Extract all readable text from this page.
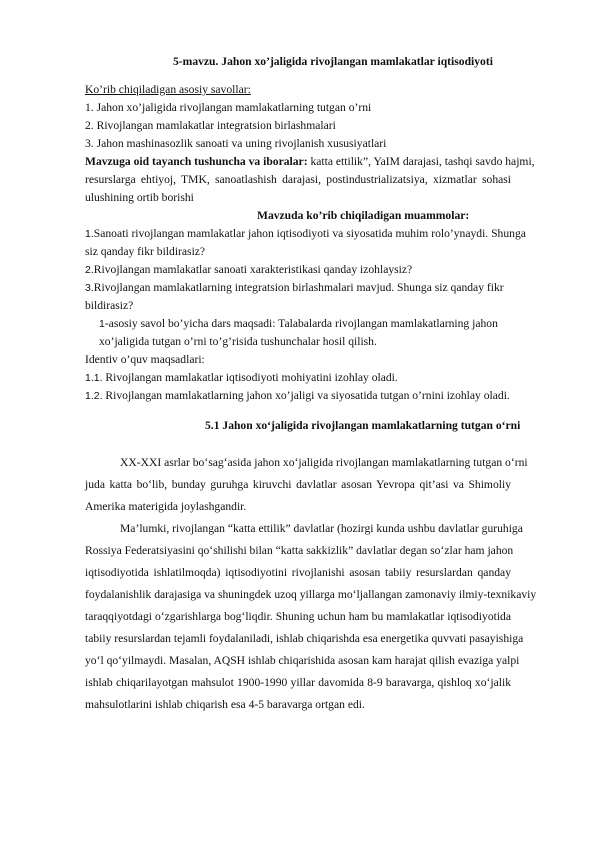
5-mavzu. Jahon xo’jaligida rivojlangan mamlakatlar iqtisodiyoti
Ko’rib chiqiladigan asosiy savollar:
1. Jahon xo’jaligida rivojlangan mamlakatlarning tutgan o’rni
2. Rivojlangan mamlakatlar integratsion birlashmalari
3. Jahon mashinasozlik sanoati va uning rivojlanish xususiyatlari
Mavzuga oid tayanch tushuncha va iboralar: katta ettilik”, YaIM darajasi, tashqi savdo hajmi,
resurslarga ehtiyoj, TMK, sanoatlashish darajasi, postindustrializatsiya, xizmatlar sohasi
ulushining ortib borishi
Mavzuda ko’rib chiqiladigan muammolar:
1.Sanoati rivojlangan mamlakatlar jahon iqtisodiyoti va siyosatida muhim rolo’ynaydi. Shunga
siz qanday fikr bildirasiz?
2.Rivojlangan mamlakatlar sanoati xarakteristikasi qanday izohlaysiz?
3.Rivojlangan mamlakatlarning integratsion birlashmalari mavjud. Shunga siz qanday fikr
bildirasiz?
1-asosiy savol bo’yicha dars maqsadi: Talabalarda rivojlangan mamlakatlarning jahon
xo’jaligida tutgan o’rni to’g’risida tushunchalar hosil qilish.
Identiv o’quv maqsadlari:
1.1. Rivojlangan mamlakatlar iqtisodiyoti mohiyatini izohlay oladi.
1.2. Rivojlangan mamlakatlarning jahon xo’jaligi va siyosatida tutgan o’rnini izohlay oladi.
5.1 Jahon xo‘jaligida rivojlangan mamlakatlarning tutgan o‘rni
XX-XXI asrlar bo‘sag‘asida jahon xo‘jaligida rivojlangan mamlakatlarning tutgan o‘rni
juda katta bo‘lib, bunday guruhga kiruvchi davlatlar asosan Yevropa qit’asi va Shimoliy
Amerika materigida joylashgandir.
Ma’lumki, rivojlangan “katta ettilik” davlatlar (hozirgi kunda ushbu davlatlar guruhiga
Rossiya Federatsiyasini qo‘shilishi bilan “katta sakkizlik” davlatlar degan so‘zlar ham jahon
iqtisodiyotida ishlatilmoqda) iqtisodiyotini rivojlanishi asosan tabiiy resurslardan qanday
foydalanishlik darajasiga va shuningdek uzoq yillarga mo‘ljallangan zamonaviy ilmiy-texnikaviy
taraqqiyotdagi o‘zgarishlarga bog‘liqdir. Shuning uchun ham bu mamlakatlar iqtisodiyotida
tabiiy resurslardan tejamli foydalaniladi, ishlab chiqarishda esa energetika quvvati pasayishiga
yo‘l qo‘yilmaydi. Masalan, AQSH ishlab chiqarishida asosan kam harajat qilish evaziga yalpi
ishlab chiqarilayotgan mahsulot 1900-1990 yillar davomida 8-9 baravarga, qishloq xo‘jalik
mahsulotlarini ishlab chiqarish esa 4-5 baravarga ortgan edi.
